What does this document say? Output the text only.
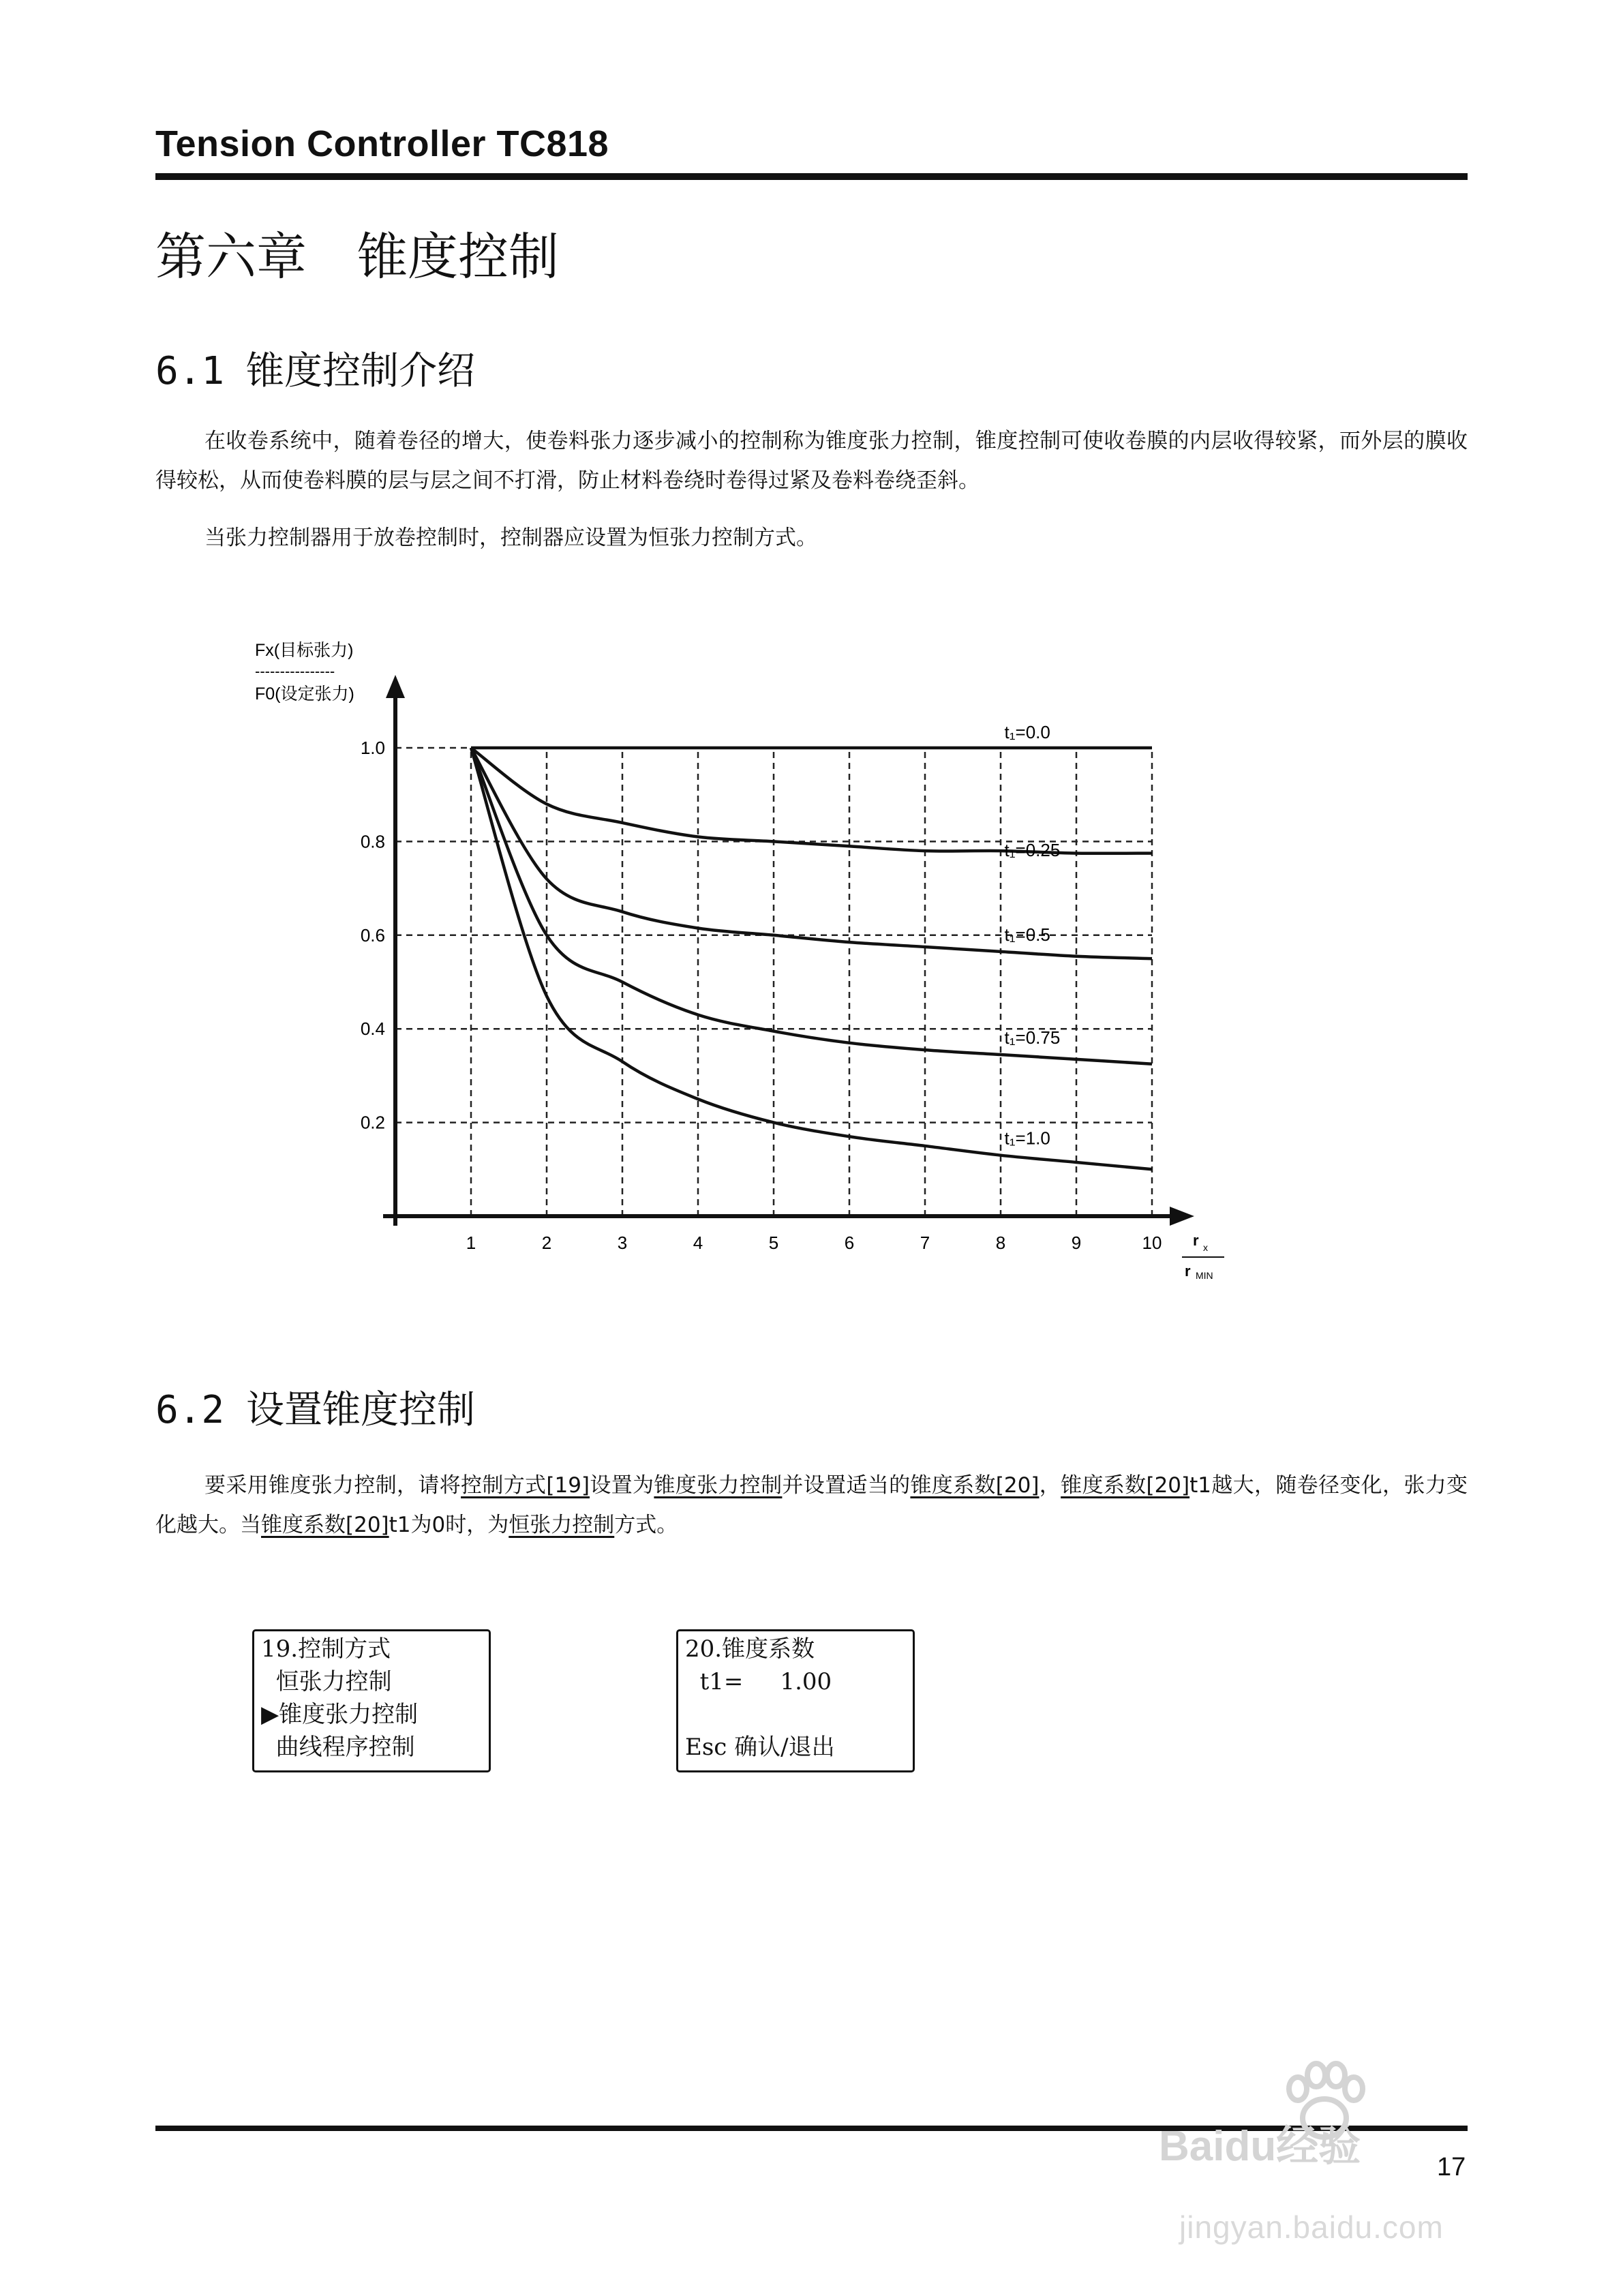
Tension Controller TC818
第六章　锥度控制
6.1 锥度控制介绍
在收卷系统中，随着卷径的增大，使卷料张力逐步减小的控制称为锥度张力控制，锥度控制可使收卷膜的内层收得较紧，而外层的膜收得较松，从而使卷料膜的层与层之间不打滑，防止材料卷绕时卷得过紧及卷料卷绕歪斜。
当张力控制器用于放卷控制时，控制器应设置为恒张力控制方式。
Fx(目标张力)
----------------
F0(设定张力)
0.2
0.4
0.6
0.8
1.0
1	2	3	4	5	6	7	8	9	10
t₁=0.0
t₁=0.25
t₁=0.5
t₁=0.75
t₁=1.0
r x
r MIN
6.2 设置锥度控制
要采用锥度张力控制，请将控制方式[19]设置为锥度张力控制并设置适当的锥度系数[20]，锥度系数[20]t1越大，随卷径变化，张力变化越大。当锥度系数[20]t1为0时，为恒张力控制方式。
19.控制方式
恒张力控制
▶锥度张力控制
曲线程序控制
20.锥度系数
t1=     1.00
Esc 确认/退出
17
Baidu经验
jingyan.baidu.com
